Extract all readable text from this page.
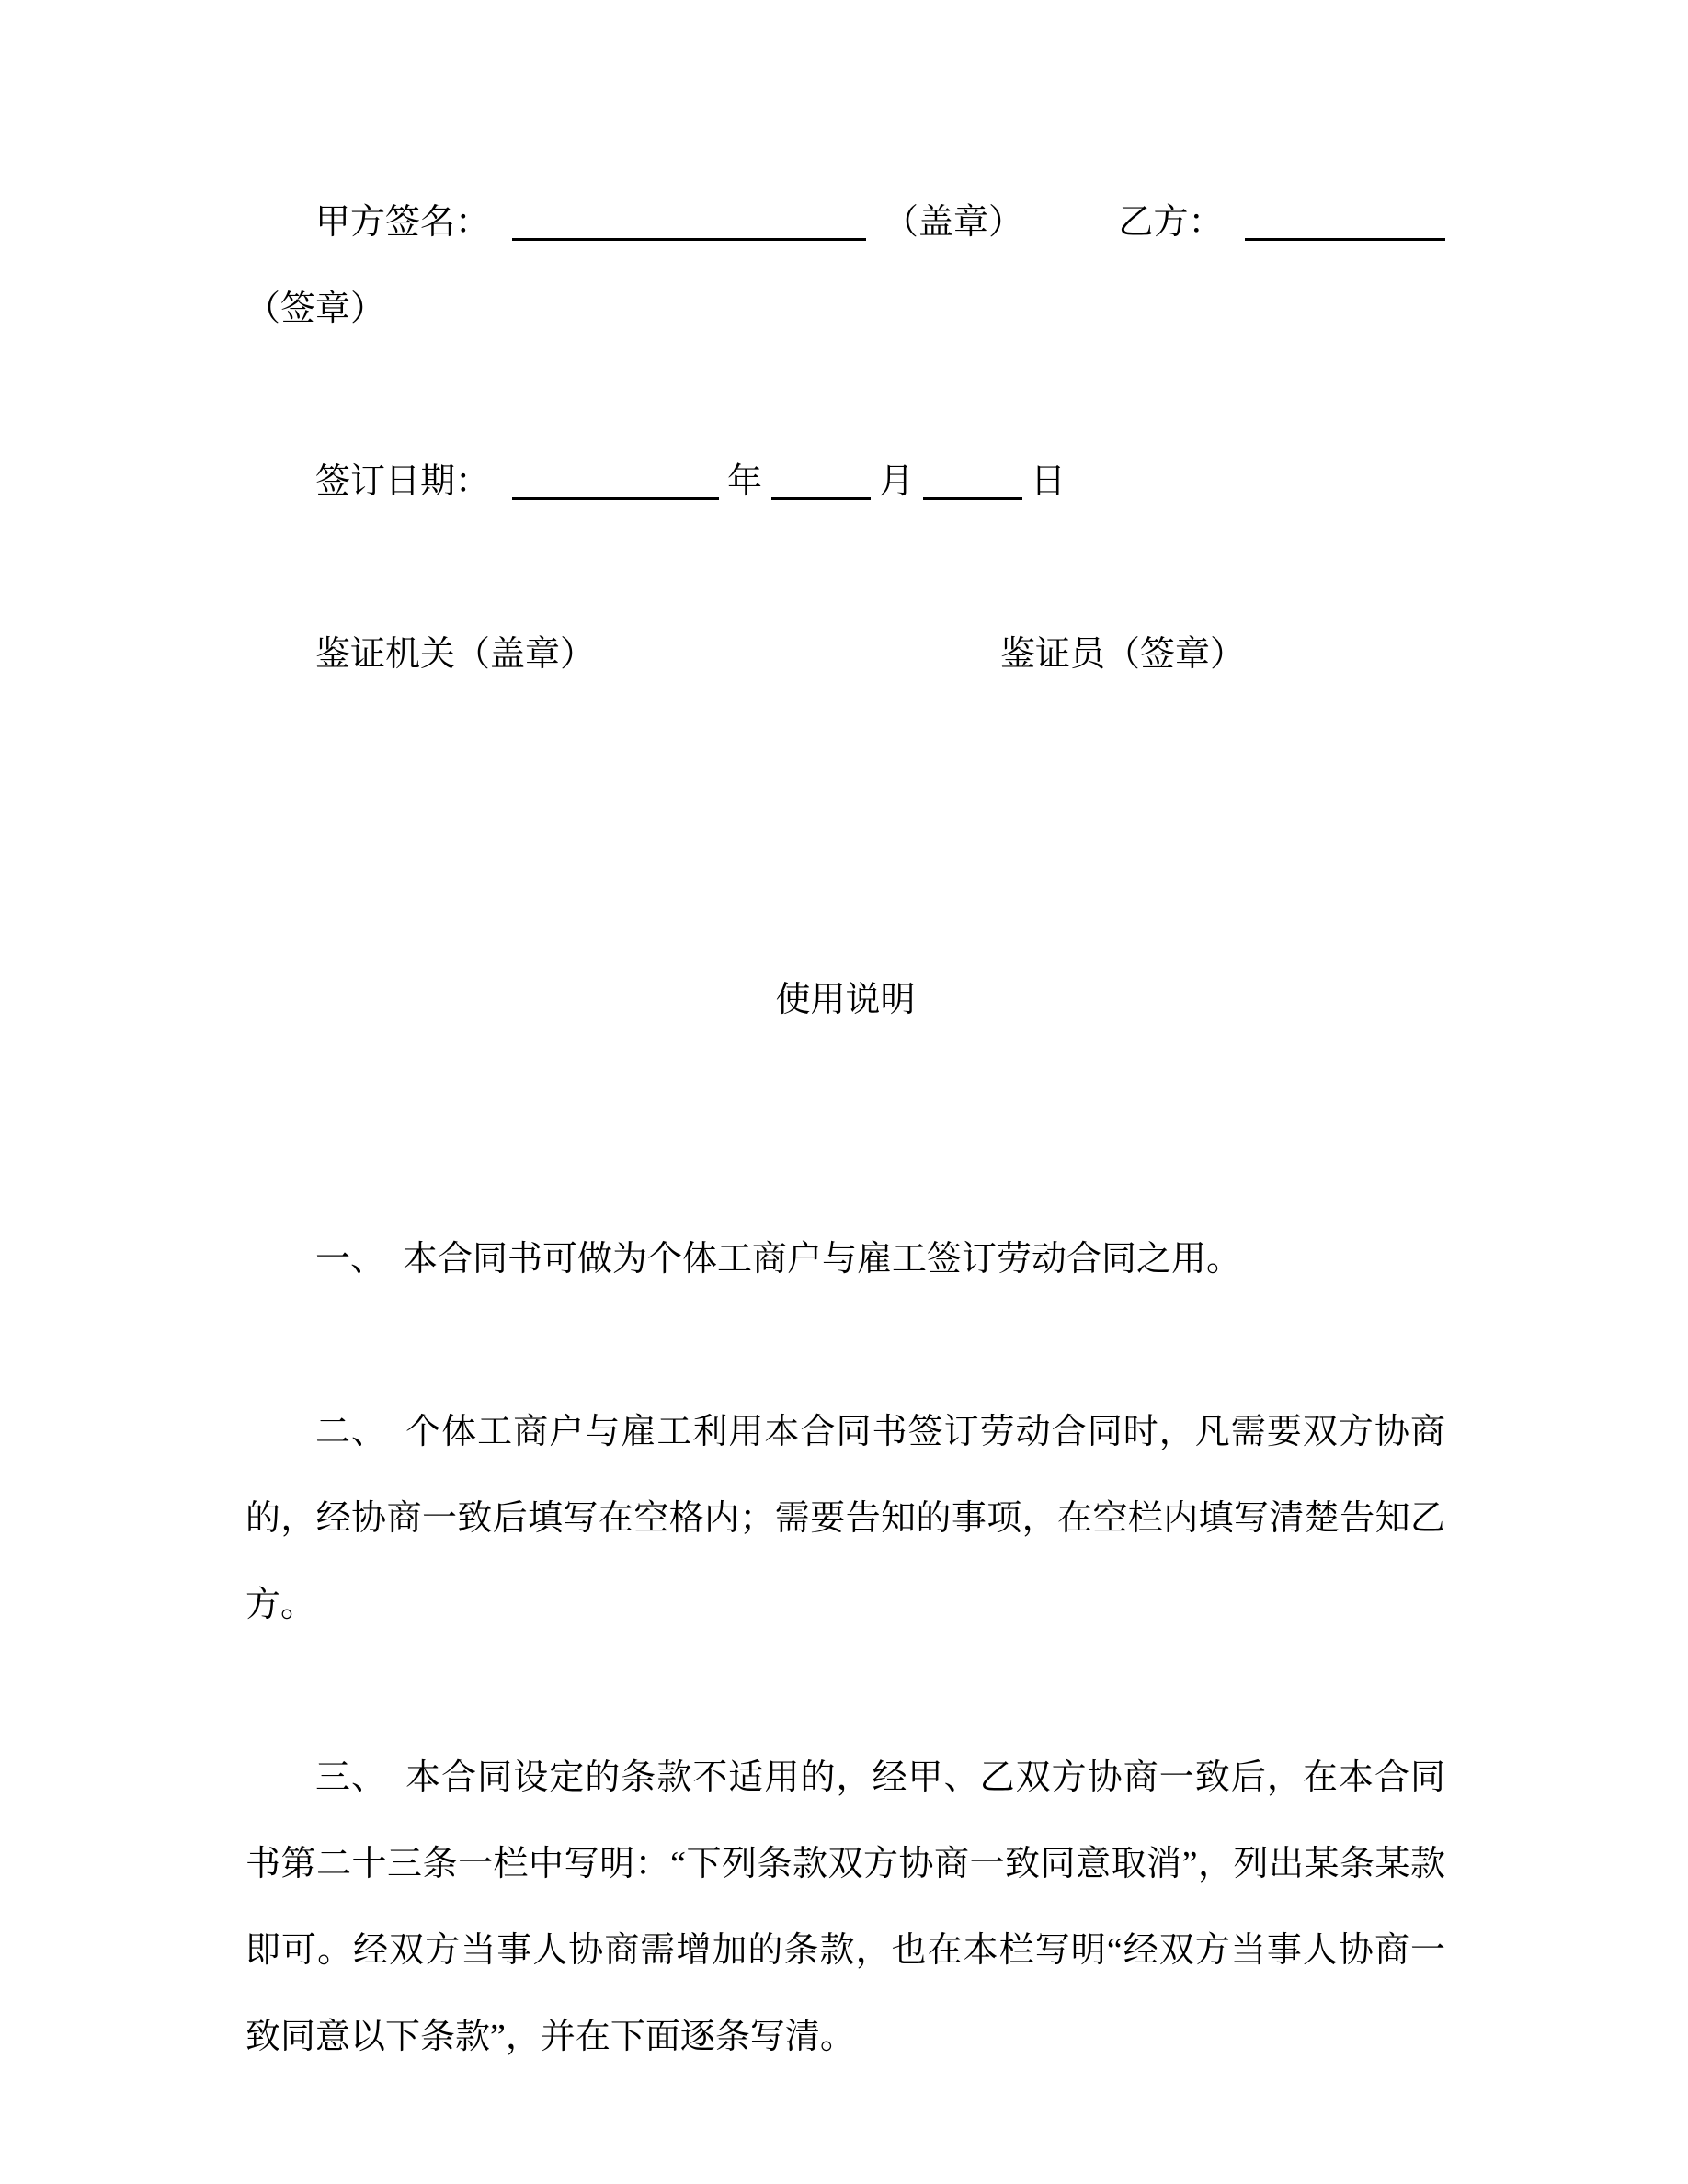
甲方签名：	（盖章）	乙方：

（签章）

签订日期：	年	月	日

鉴证机关（盖章）	鉴证员（签章）

使用说明

一、　本合同书可做为个体工商户与雇工签订劳动合同之用。

二、　个体工商户与雇工利用本合同书签订劳动合同时，凡需要双方协商的，经协商一致后填写在空格内；需要告知的事项，在空栏内填写清楚告知乙方。

三、　本合同设定的条款不适用的，经甲、乙双方协商一致后，在本合同书第二十三条一栏中写明：“下列条款双方协商一致同意取消”，列出某条某款即可。经双方当事人协商需增加的条款，也在本栏写明“经双方当事人协商一致同意以下条款”，并在下面逐条写清。
